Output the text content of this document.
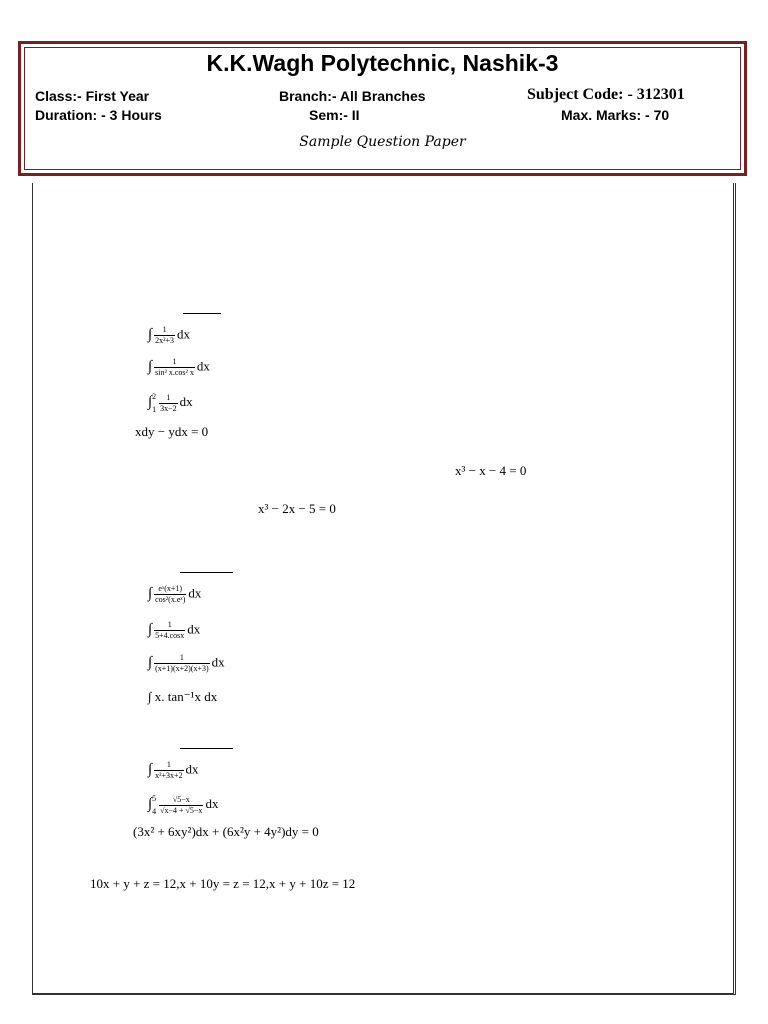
K.K.Wagh Polytechnic, Nashik-3
Class:- First Year	Branch:- All Branches	Subject Code: - 312301
Duration: - 3 Hours	Sem:- II	Max. Marks: - 70
Sample Question Paper
∫ $\frac{1}{\text{2x²+3}}$ dx
∫ $\frac{1}{\text{sin² x.cos² x}}$ dx
∫ 2
$1 \frac{1}{3x-2}$ dx
xdy − ydx = 0
x³ − x − 4 = 0
x³ − 2x − 5 = 0
∫ $\frac{\text{eˣ(x+1)}}{\text{cos²(x.eˣ)}}$ dx
∫ $\frac{1}{5+4.\cos x}$ dx
∫ $\frac{1}{(x+1)(x+2)(x+3)}$ dx
∫ x. tan⁻¹x dx
∫ $\frac{1}{\text{x²+3x+2}}$ dx
∫ 5
$4 \frac{√5-x}{√x-4 + √5-x}$ dx
(3x² + 6xy²)dx + (6x²y + 4y²)dy = 0
10x + y + z = 12,x + 10y = z = 12,x + y + 10z = 12
